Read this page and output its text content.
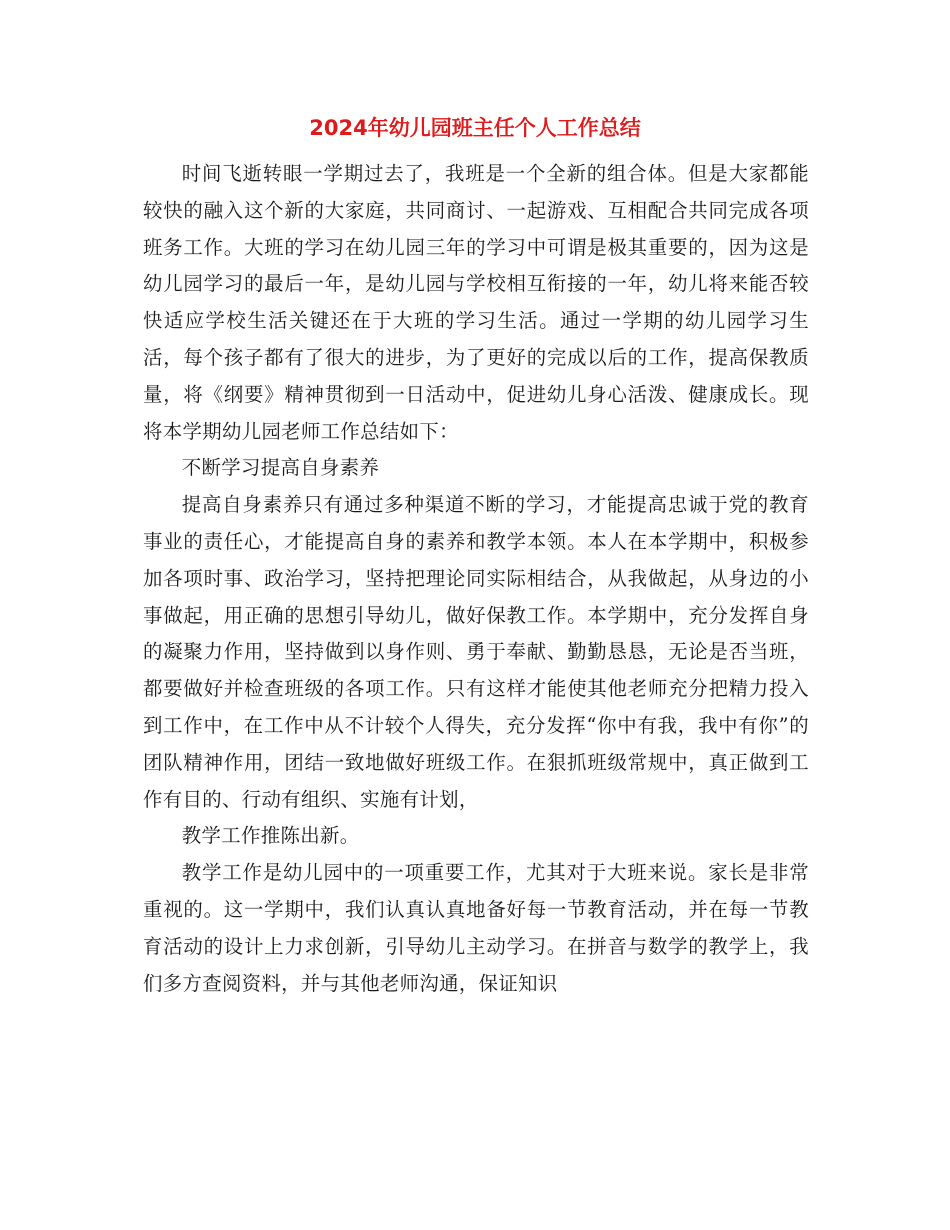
2024年幼儿园班主任个人工作总结

时间飞逝转眼一学期过去了，我班是一个全新的组合体。但是大家都能较快的融入这个新的大家庭，共同商讨、一起游戏、互相配合共同完成各项班务工作。大班的学习在幼儿园三年的学习中可谓是极其重要的，因为这是幼儿园学习的最后一年，是幼儿园与学校相互衔接的一年，幼儿将来能否较快适应学校生活关键还在于大班的学习生活。通过一学期的幼儿园学习生活，每个孩子都有了很大的进步，为了更好的完成以后的工作，提高保教质量，将《纲要》精神贯彻到一日活动中，促进幼儿身心活泼、健康成长。现将本学期幼儿园老师工作总结如下：

不断学习提高自身素养

提高自身素养只有通过多种渠道不断的学习，才能提高忠诚于党的教育事业的责任心，才能提高自身的素养和教学本领。本人在本学期中，积极参加各项时事、政治学习，坚持把理论同实际相结合，从我做起，从身边的小事做起，用正确的思想引导幼儿，做好保教工作。本学期中，充分发挥自身的凝聚力作用，坚持做到以身作则、勇于奉献、勤勤恳恳，无论是否当班，都要做好并检查班级的各项工作。只有这样才能使其他老师充分把精力投入到工作中，在工作中从不计较个人得失，充分发挥“你中有我，我中有你”的团队精神作用，团结一致地做好班级工作。在狠抓班级常规中，真正做到工作有目的、行动有组织、实施有计划，

教学工作推陈出新。

教学工作是幼儿园中的一项重要工作，尤其对于大班来说。家长是非常重视的。这一学期中，我们认真认真地备好每一节教育活动，并在每一节教育活动的设计上力求创新，引导幼儿主动学习。在拼音与数学的教学上，我们多方查阅资料，并与其他老师沟通，保证知识
